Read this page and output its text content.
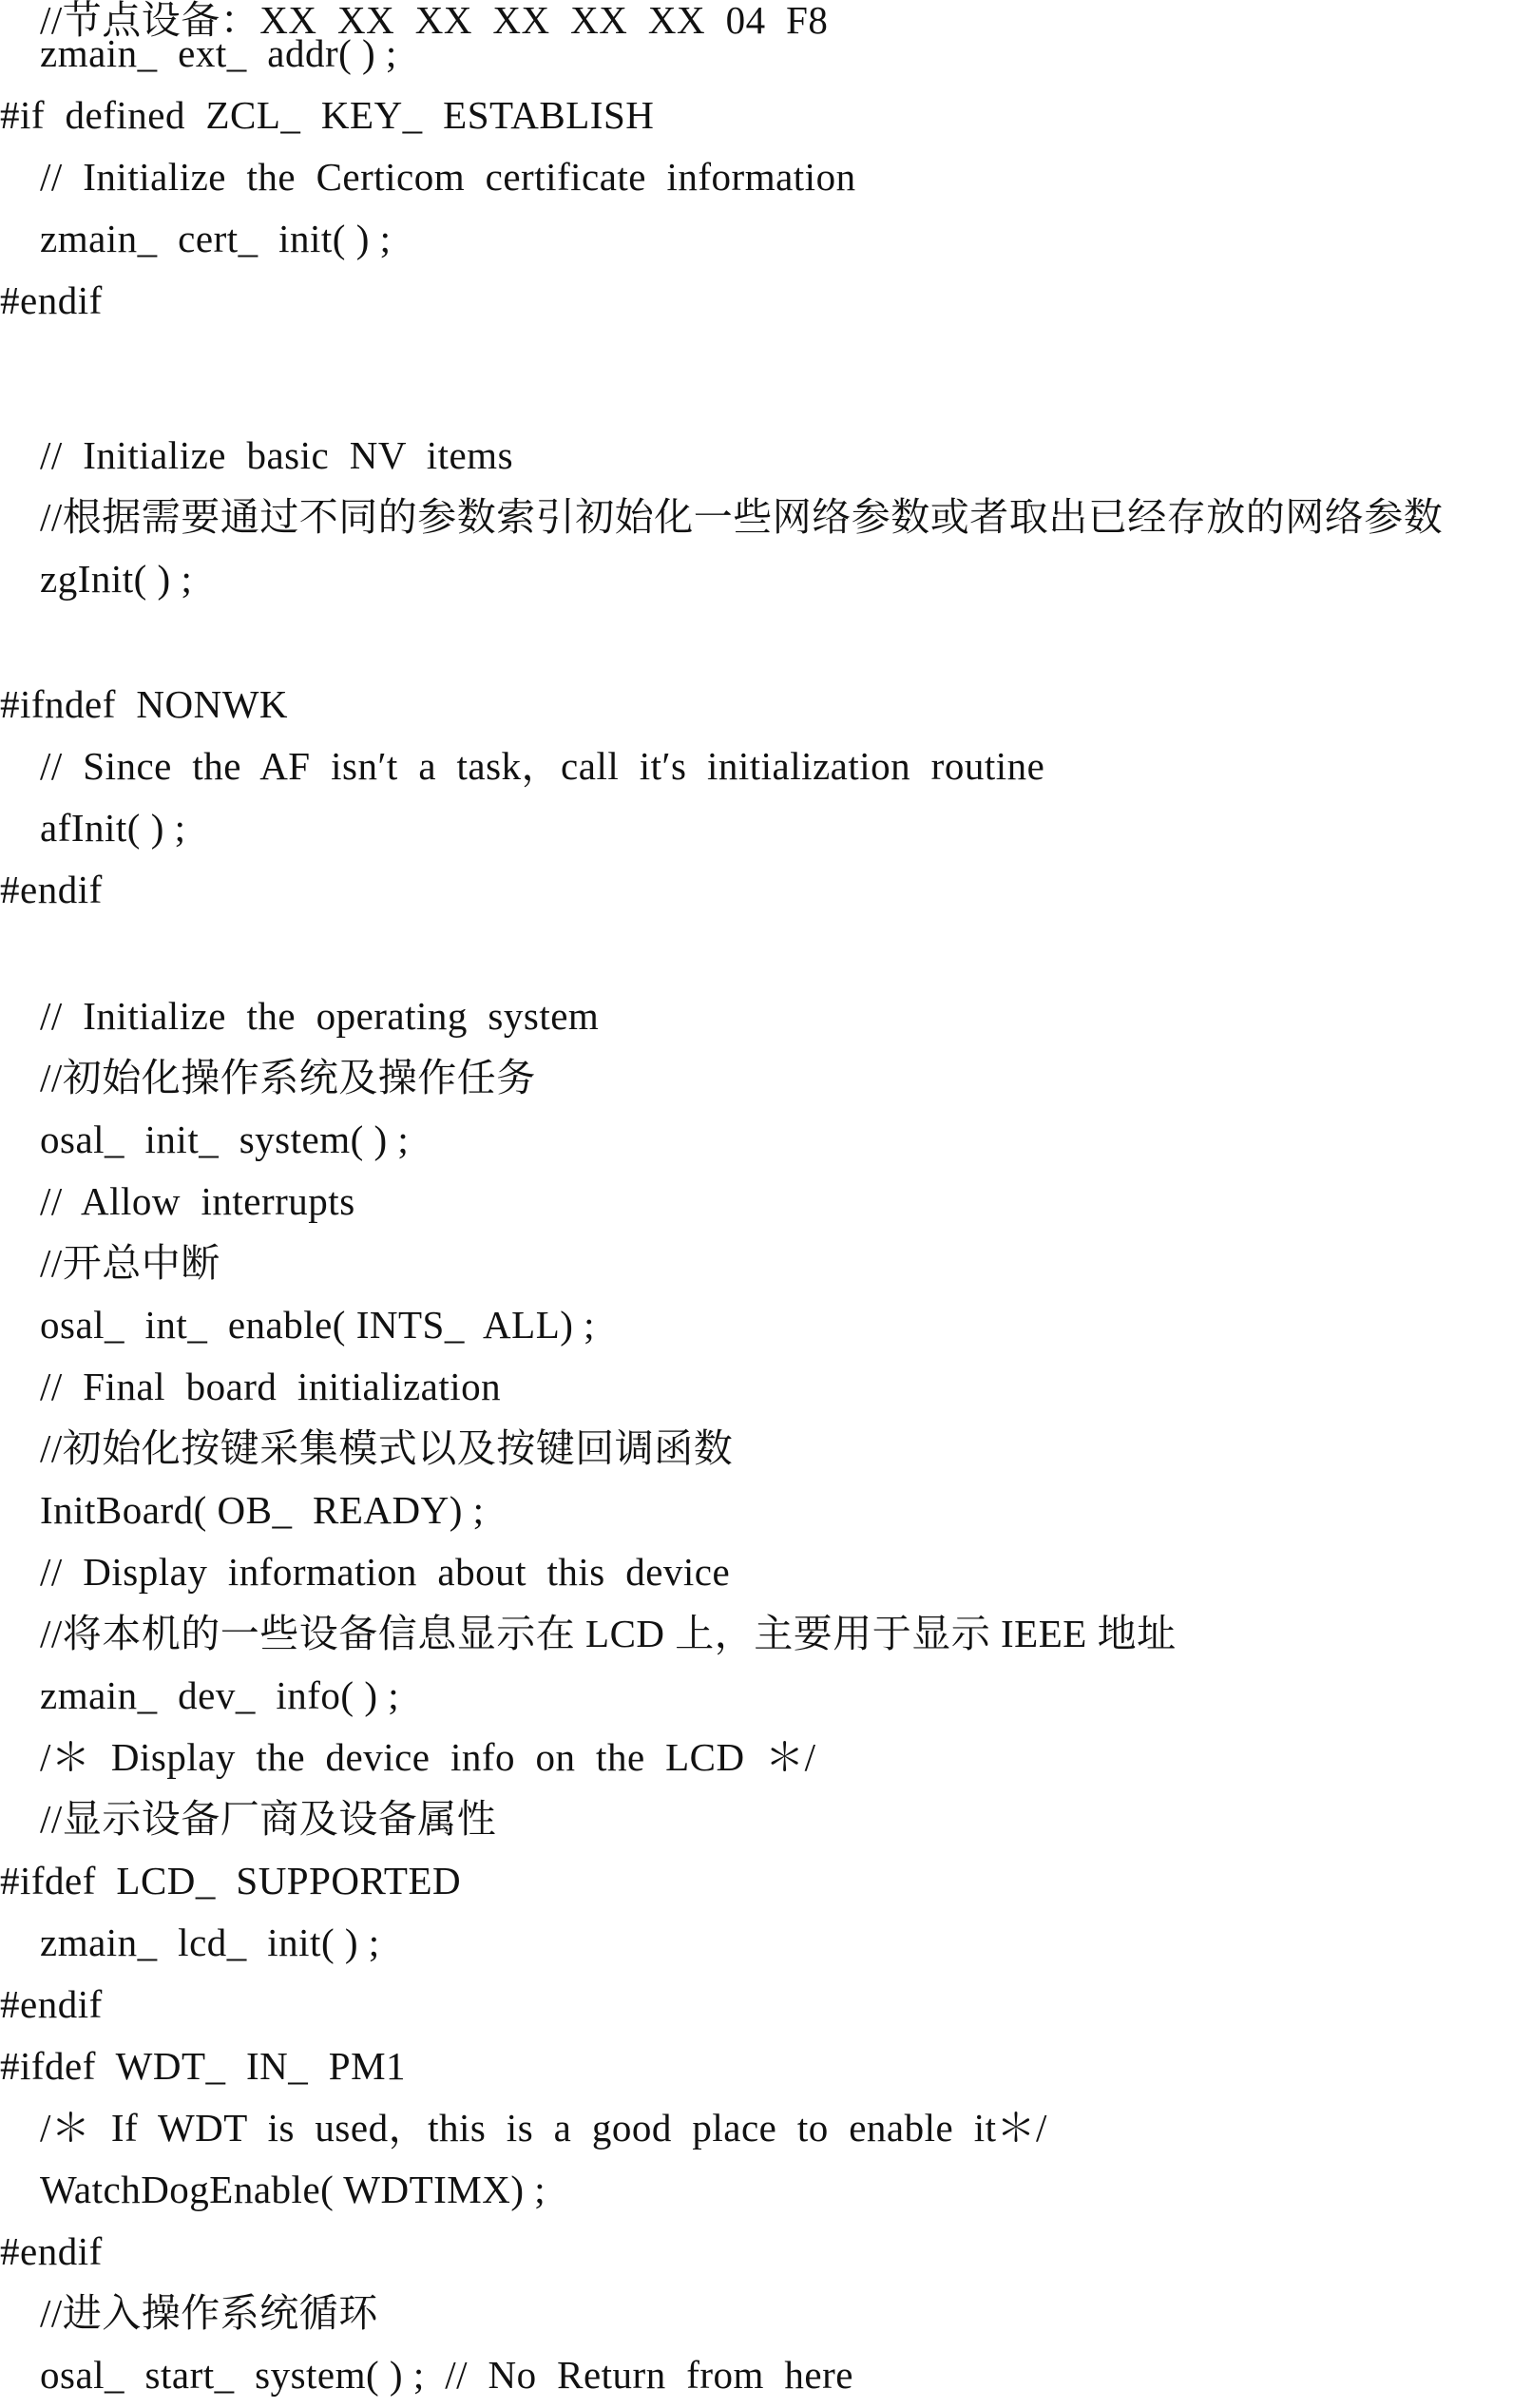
//节点设备：XX  XX  XX  XX  XX  XX  04  F8
zmain_  ext_  addr( ) ;
#if  defined  ZCL_  KEY_  ESTABLISH
//  Initialize  the  Certicom  certificate  information
zmain_  cert_  init( ) ;
#endif
//  Initialize  basic  NV  items
//根据需要通过不同的参数索引初始化一些网络参数或者取出已经存放的网络参数
zgInit( ) ;
#ifndef  NONWK
//  Since  the  AF  isn′t  a  task，call  it′s  initialization  routine
afInit( ) ;
#endif
//  Initialize  the  operating  system
//初始化操作系统及操作任务
osal_  init_  system( ) ;
//  Allow  interrupts
//开总中断
osal_  int_  enable( INTS_  ALL) ;
//  Final  board  initialization
//初始化按键采集模式以及按键回调函数
InitBoard( OB_  READY) ;
//  Display  information  about  this  device
//将本机的一些设备信息显示在 LCD 上，主要用于显示 IEEE 地址
zmain_  dev_  info( ) ;
/＊  Display  the  device  info  on  the  LCD  ＊/
//显示设备厂商及设备属性
#ifdef  LCD_  SUPPORTED
zmain_  lcd_  init( ) ;
#endif
#ifdef  WDT_  IN_  PM1
/＊  If  WDT  is  used，this  is  a  good  place  to  enable  it＊/
WatchDogEnable( WDTIMX) ;
#endif
//进入操作系统循环
osal_  start_  system( ) ;  //  No  Return  from  here
